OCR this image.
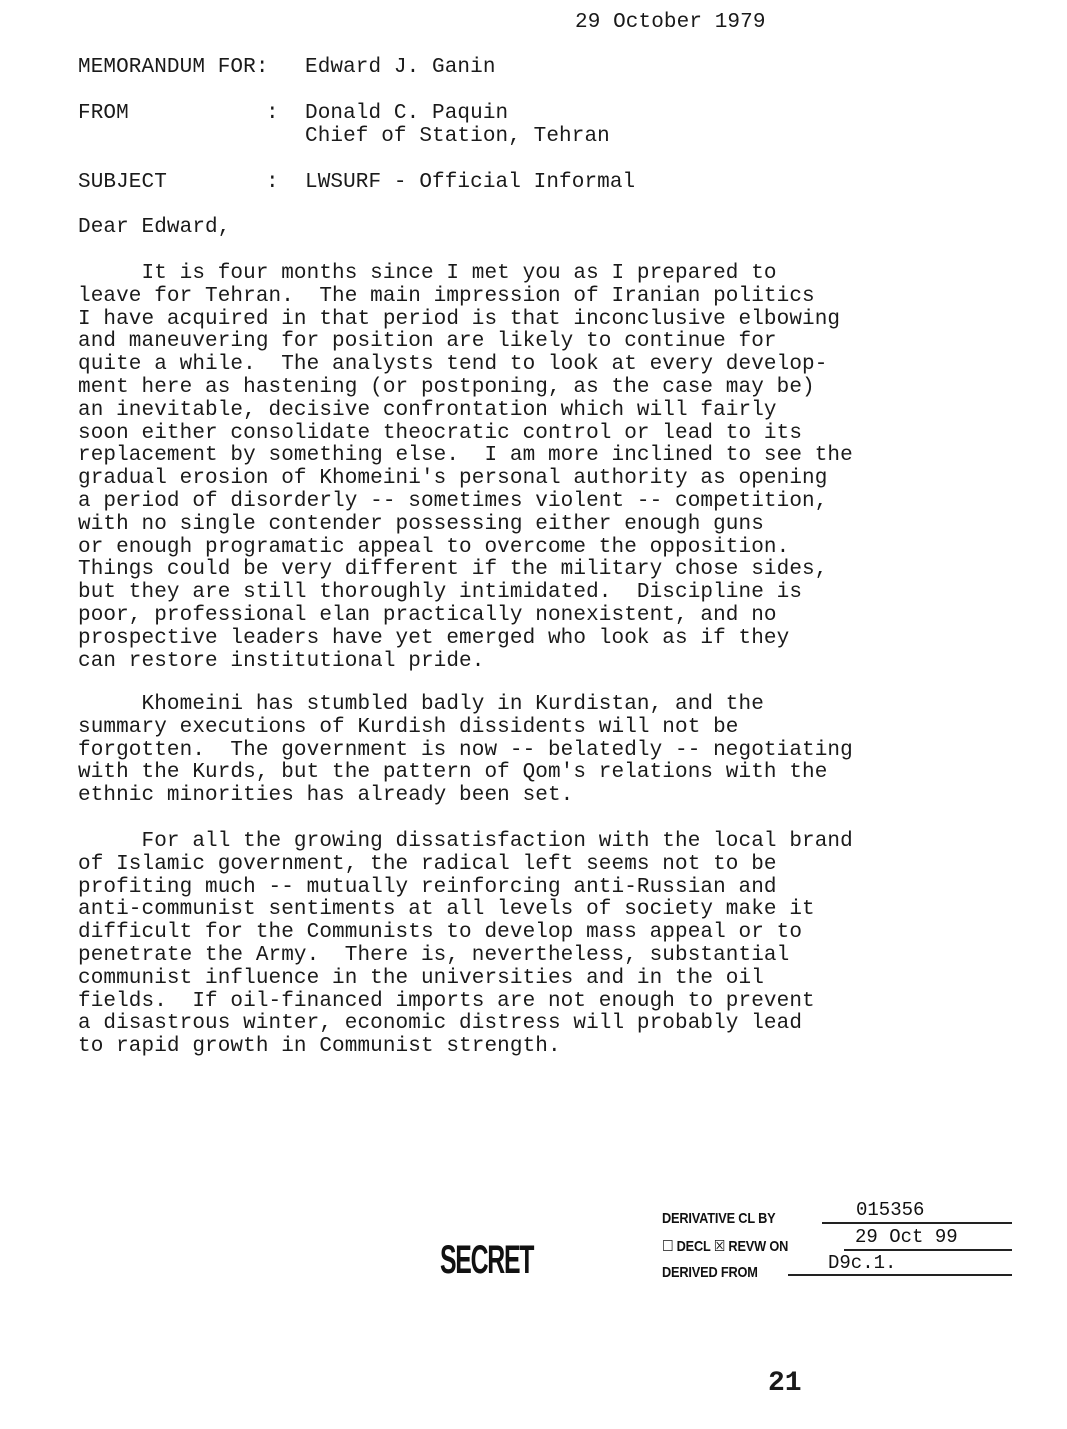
29 October 1979
MEMORANDUM FOR: Edward J. Ganin
FROM	: Donald C. Paquin
Chief of Station, Tehran
SUBJECT	: LWSURF - Official Informal
Dear Edward,
It is four months since I met you as I prepared to
leave for Tehran.  The main impression of Iranian politics
I have acquired in that period is that inconclusive elbowing
and maneuvering for position are likely to continue for
quite a while.  The analysts tend to look at every develop-
ment here as hastening (or postponing, as the case may be)
an inevitable, decisive confrontation which will fairly
soon either consolidate theocratic control or lead to its
replacement by something else.  I am more inclined to see the
gradual erosion of Khomeini's personal authority as opening
a period of disorderly -- sometimes violent -- competition,
with no single contender possessing either enough guns
or enough programatic appeal to overcome the opposition.
Things could be very different if the military chose sides,
but they are still thoroughly intimidated.  Discipline is
poor, professional elan practically nonexistent, and no
prospective leaders have yet emerged who look as if they
can restore institutional pride.
Khomeini has stumbled badly in Kurdistan, and the
summary executions of Kurdish dissidents will not be
forgotten.  The government is now -- belatedly -- negotiating
with the Kurds, but the pattern of Qom's relations with the
ethnic minorities has already been set.
For all the growing dissatisfaction with the local brand
of Islamic government, the radical left seems not to be
profiting much -- mutually reinforcing anti-Russian and
anti-communist sentiments at all levels of society make it
difficult for the Communists to develop mass appeal or to
penetrate the Army.  There is, nevertheless, substantial
communist influence in the universities and in the oil
fields.  If oil-financed imports are not enough to prevent
a disastrous winter, economic distress will probably lead
to rapid growth in Communist strength.
SECRET
DERIVATIVE CL BY	015356
☐ DECL ☒ REVW ON	29 Oct 99
DERIVED FROM	D9c.1.
21
